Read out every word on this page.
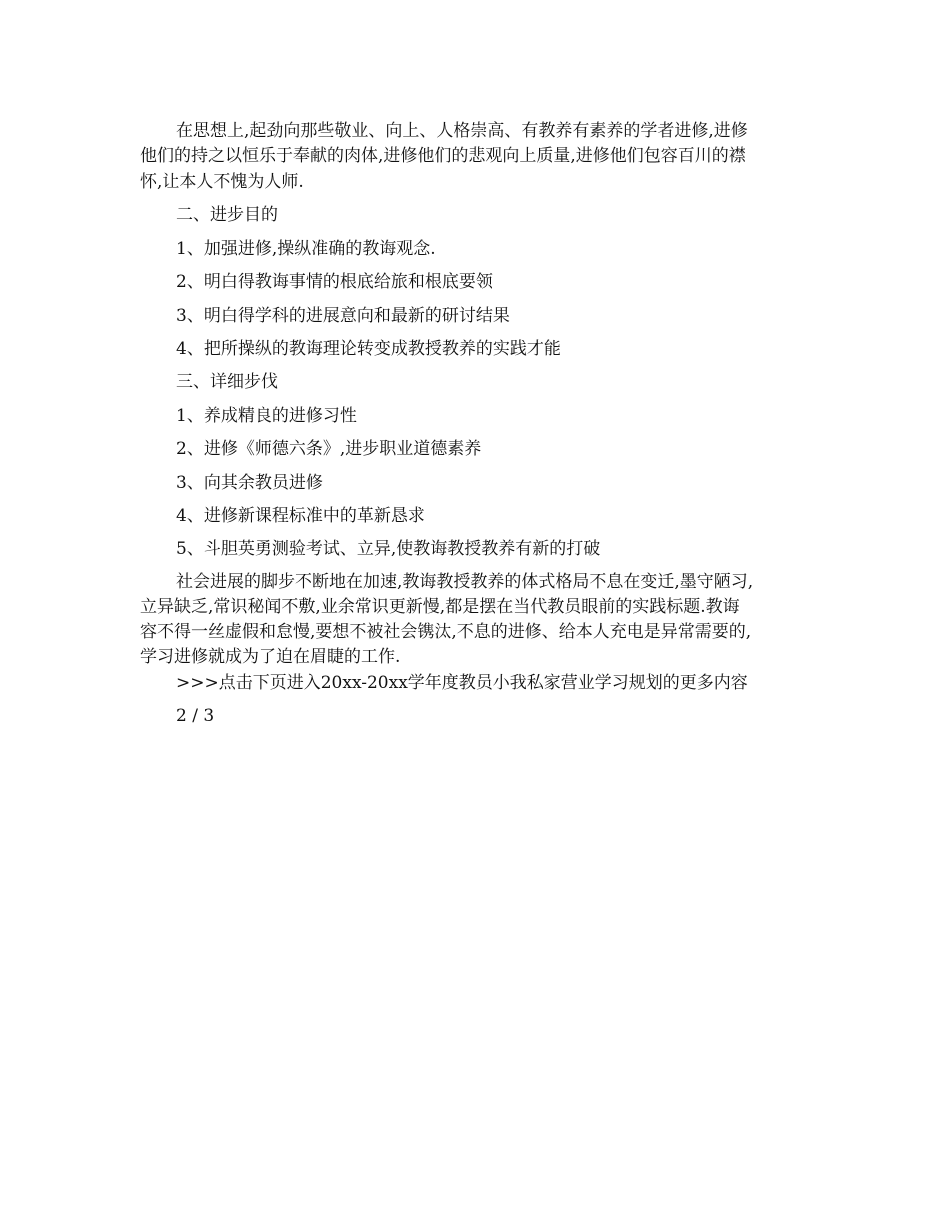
在思想上,起劲向那些敬业、向上、人格崇高、有教养有素养的学者进修,进修
他们的持之以恒乐于奉献的肉体,进修他们的悲观向上质量,进修他们包容百川的襟
怀,让本人不愧为人师.
二、进步目的
1、加强进修,操纵准确的教诲观念.
2、明白得教诲事情的根底给旅和根底要领
3、明白得学科的进展意向和最新的研讨结果
4、把所操纵的教诲理论转变成教授教养的实践才能
三、详细步伐
1、养成精良的进修习性
2、进修《师德六条》,进步职业道德素养
3、向其余教员进修
4、进修新课程标准中的革新恳求
5、斗胆英勇测验考试、立异,使教诲教授教养有新的打破
社会进展的脚步不断地在加速,教诲教授教养的体式格局不息在变迁,墨守陋习,
立异缺乏,常识秘闻不敷,业余常识更新慢,都是摆在当代教员眼前的实践标题.教诲
容不得一丝虚假和怠慢,要想不被社会镌汰,不息的进修、给本人充电是异常需要的,
学习进修就成为了迫在眉睫的工作.
>>>点击下页进入20xx-20xx学年度教员小我私家营业学习规划的更多内容
2 / 3
